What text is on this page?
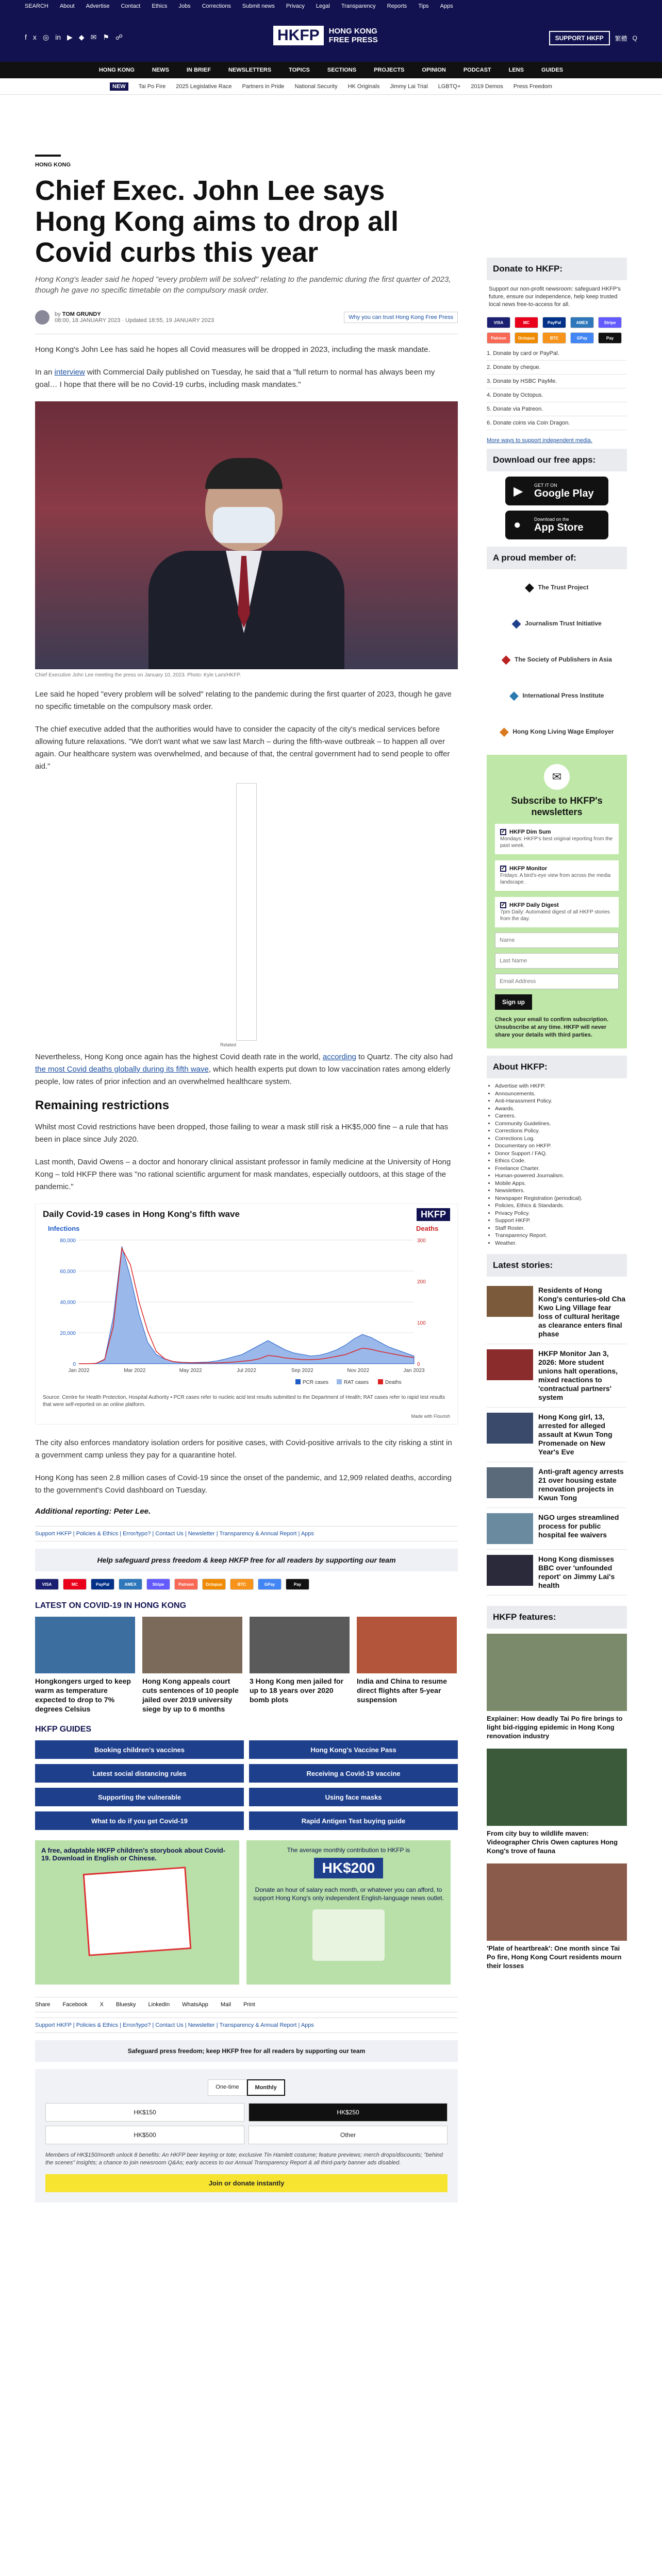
SEARCH About Advertise Contact Ethics Jobs Corrections Submit news Privacy Legal Transparency Reports Tips Apps
f x ◎ in ▶ ◆ ✉ ⚑ ☍	HKFP	HONG KONG
FREE PRESS	SUPPORT HKFP	繁體 Q
HONG KONG	NEWS	IN BRIEF	NEWSLETTERS	TOPICS	SECTIONS	PROJECTS	OPINION	PODCAST	LENS	GUIDES
NEW	Tai Po Fire 2025 Legislative Race Partners in Pride National Security HK Originals Jimmy Lai Trial LGBTQ+ 2019 Demos Press Freedom
HONG KONG
Chief Exec. John Lee says Hong Kong aims to drop all Covid curbs this year

Hong Kong's leader said he hoped "every problem will be solved" relating to the pandemic during the first quarter of 2023, though he gave no specific timetable on the compulsory mask order.

by TOM GRUNDY
08:00, 18 JANUARY 2023 · Updated 18:55, 19 JANUARY 2023	Why you can trust Hong Kong Free Press

Hong Kong's John Lee has said he hopes all Covid measures will be dropped in 2023, including the mask mandate.

In an interview with Commercial Daily published on Tuesday, he said that a "full return to normal has always been my goal… I hope that there will be no Covid-19 curbs, including mask mandates."

Chief Executive John Lee meeting the press on January 10, 2023. Photo: Kyle Lam/HKFP.

Lee said he hoped "every problem will be solved" relating to the pandemic during the first quarter of 2023, though he gave no specific timetable on the compulsory mask order.

The chief executive added that the authorities would have to consider the capacity of the city's medical services before allowing future relaxations. "We don't want what we saw last March – during the fifth-wave outbreak – to happen all over again. Our healthcare system was overwhelmed, and because of that, the central government had to send people to offer aid."

Related

Nevertheless, Hong Kong once again has the highest Covid death rate in the world, according to Quartz. The city also had the most Covid deaths globally during its fifth wave, which health experts put down to low vaccination rates among elderly people, low rates of prior infection and an overwhelmed healthcare system.

Remaining restrictions

Whilst most Covid restrictions have been dropped, those failing to wear a mask still risk a HK$5,000 fine – a rule that has been in place since July 2020.

Last month, David Owens – a doctor and honorary clinical assistant professor in family medicine at the University of Hong Kong – told HKFP there was "no rational scientific argument for mask mandates, especially outdoors, at this stage of the pandemic."

Daily Covid-19 cases in Hong Kong's fifth wave	HKFP
Infections	Deaths
80,000
60,000
40,000
20,000
0
300
200
100
0
Jan 2022	Mar 2022	May 2022	Jul 2022	Sep 2022	Nov 2022	Jan 2023
PCR cases	RAT cases	Deaths
Source: Centre for Health Protection, Hospital Authority • PCR cases refer to nucleic acid test results submitted to the Department of Health; RAT cases refer to rapid test results that were self-reported on an online platform.
Made with Flourish

The city also enforces mandatory isolation orders for positive cases, with Covid-positive arrivals to the city risking a stint in a government camp unless they pay for a quarantine hotel.

Hong Kong has seen 2.8 million cases of Covid-19 since the onset of the pandemic, and 12,909 related deaths, according to the government's Covid dashboard on Tuesday.

Additional reporting: Peter Lee.
Support HKFP | Policies & Ethics | Error/typo? | Contact Us | Newsletter | Transparency & Annual Report | Apps
Help safeguard press freedom & keep HKFP free for all readers by supporting our team
VISA	MC	PayPal	AMEX	Stripe	Patreon	Octopus	BTC	GPay	Pay
LATEST ON COVID-19 IN HONG KONG
Hongkongers urged to keep warm as temperature expected to drop to 7% degrees Celsius
Hong Kong appeals court cuts sentences of 10 people jailed over 2019 university siege by up to 6 months
3 Hong Kong men jailed for up to 18 years over 2020 bomb plots
India and China to resume direct flights after 5-year suspension
HKFP GUIDES
Booking children's vaccines	Hong Kong's Vaccine Pass
Latest social distancing rules	Receiving a Covid-19 vaccine
Supporting the vulnerable	Using face masks
What to do if you get Covid-19	Rapid Antigen Test buying guide
A free, adaptable HKFP children's storybook about Covid-19. Download in English or Chinese.
The average monthly contribution to HKFP is
HK$200
Donate an hour of salary each month, or whatever you can afford, to support Hong Kong's only independent English-language news outlet.
Share Facebook X Bluesky LinkedIn WhatsApp Mail Print
Support HKFP | Policies & Ethics | Error/typo? | Contact Us | Newsletter | Transparency & Annual Report | Apps
Safeguard press freedom; keep HKFP free for all readers by supporting our team
One-time	Monthly
HK$150	HK$250
HK$500	Other
Members of HK$150/month unlock 8 benefits: An HKFP beer keyring or tote; exclusive Tin Hamlett costume; feature previews; merch drops/discounts; "behind the scenes" insights; a chance to join newsroom Q&As; early access to our Annual Transparency Report & all third-party banner ads disabled.
Join or donate instantly
Donate to HKFP:
Support our non-profit newsroom: safeguard HKFP's future, ensure our independence, help keep trusted local news free-to-access for all.
VISA	MC	PayPal	AMEX	Stripe
Patreon	Octopus	BTC	GPay	Pay
1. Donate by card or PayPal.
2. Donate by cheque.
3. Donate by HSBC PayMe.
4. Donate by Octopus.
5. Donate via Patreon.
6. Donate coins via Coin Dragon.
More ways to support independent media.
Download our free apps:
▶ GET IT ON
Google Play
●	Download on the
App Store
A proud member of:
◆ The Trust Project
◆ Journalism Trust Initiative
◆ The Society of Publishers in Asia
◆ International Press Institute
◆ Hong Kong Living Wage Employer
✉
Subscribe to HKFP's newsletters
✓ HKFP Dim Sum
Mondays: HKFP's best original reporting from the past week.
✓ HKFP Monitor
Fridays: A bird's-eye view from across the media landscape.
✓ HKFP Daily Digest
7pm Daily: Automated digest of all HKFP stories from the day.
Name
Last Name
Email Address
Sign up
Check your email to confirm subscription. Unsubscribe at any time. HKFP will never share your details with third parties.
About HKFP:
• Advertise with HKFP.
• Announcements.
• Anti-Harassment Policy.
• Awards.
• Careers.
• Community Guidelines.
• Corrections Policy.
• Corrections Log.
• Documentary on HKFP.
• Donor Support / FAQ.
• Ethics Code.
• Freelance Charter.
• Human-powered Journalism.
• Mobile Apps.
• Newsletters.
• Newspaper Registration (periodical).
• Policies, Ethics & Standards.
• Privacy Policy.
• Support HKFP.
• Staff Roster.
• Transparency Report.
• Weather.
Latest stories:
Residents of Hong Kong's centuries-old Cha Kwo Ling Village fear loss of cultural heritage as clearance enters final phase
HKFP Monitor Jan 3, 2026: More student unions halt operations, mixed reactions to 'contractual partners' system
Hong Kong girl, 13, arrested for alleged assault at Kwun Tong Promenade on New Year's Eve
Anti-graft agency arrests 21 over housing estate renovation projects in Kwun Tong
NGO urges streamlined process for public hospital fee waivers
Hong Kong dismisses BBC over 'unfounded report' on Jimmy Lai's health
HKFP features:
Explainer: How deadly Tai Po fire brings to light bid-rigging epidemic in Hong Kong renovation industry
From city buy to wildlife maven: Videographer Chris Owen captures Hong Kong's trove of fauna
'Plate of heartbreak': One month since Tai Po fire, Hong Kong Court residents mourn their losses
